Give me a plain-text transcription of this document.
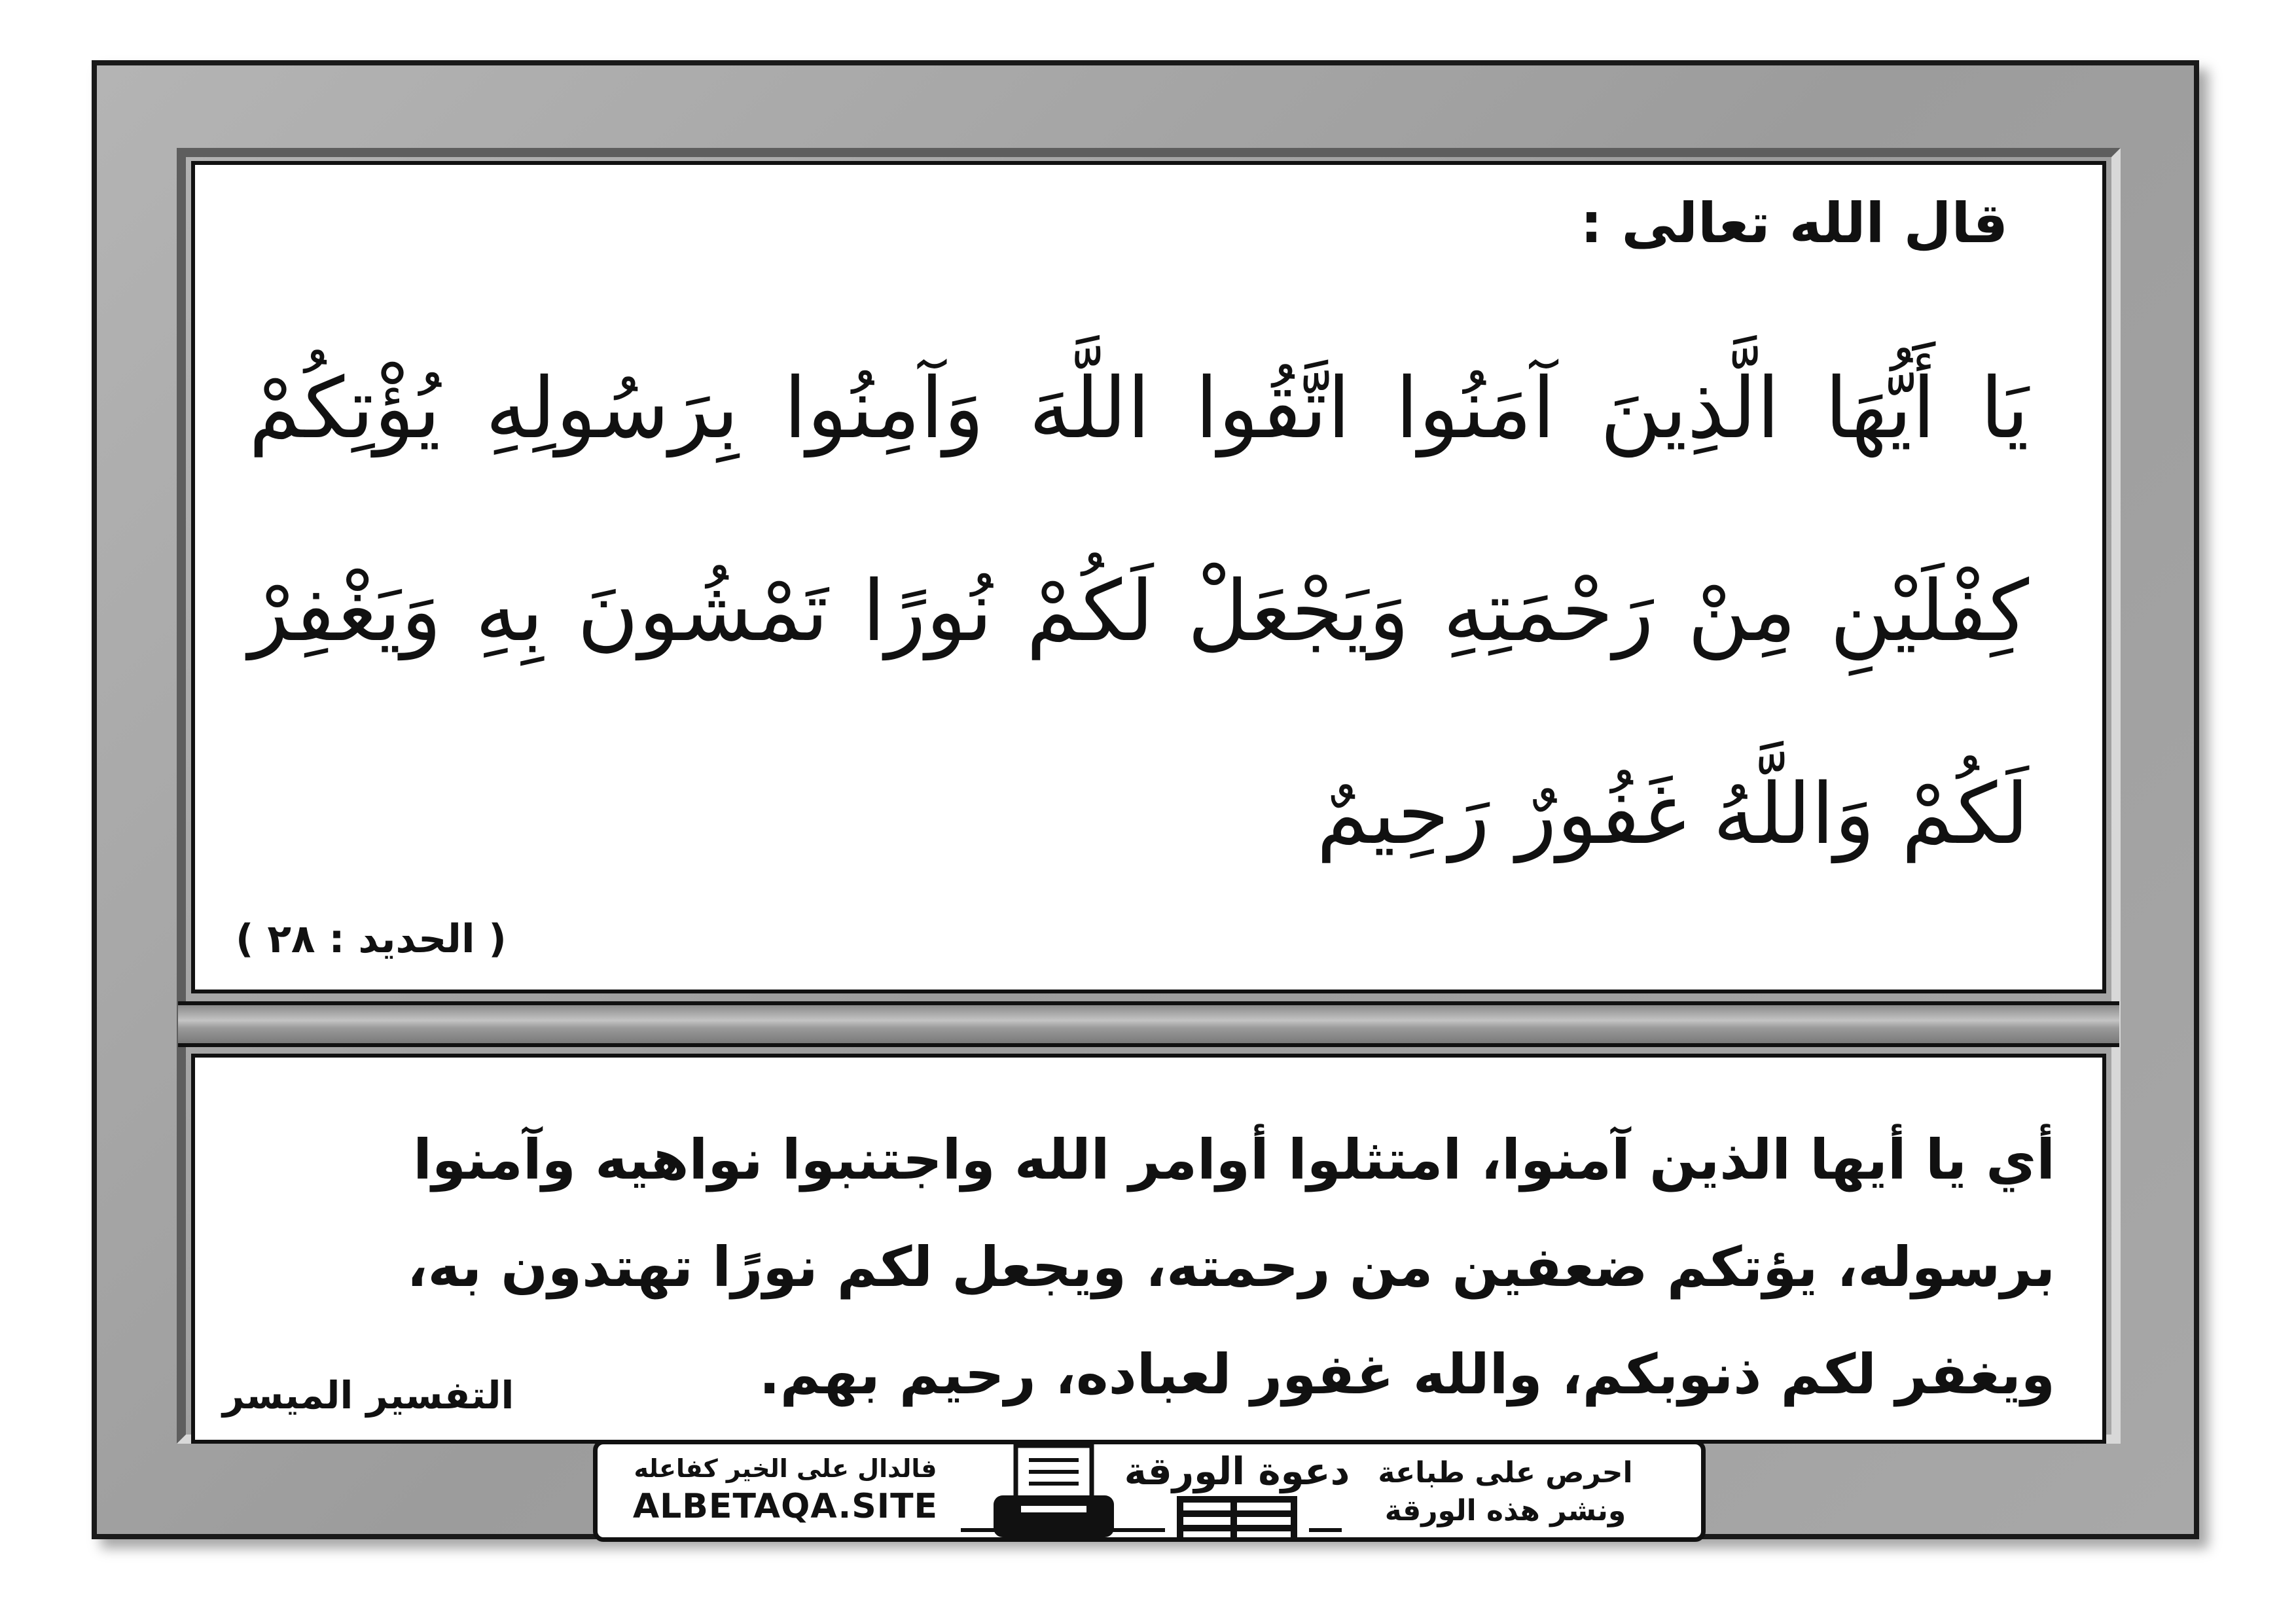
قال الله تعالى :
يَا أَيُّهَا الَّذِينَ آمَنُوا اتَّقُوا اللَّهَ وَآمِنُوا بِرَسُولِهِ يُؤْتِكُمْ كِفْلَيْنِ مِنْ رَحْمَتِهِ وَيَجْعَلْ لَكُمْ نُورًا تَمْشُونَ بِهِ وَيَغْفِرْ لَكُمْ وَاللَّهُ غَفُورٌ رَحِيمٌ
( الحديد : ٢٨ )
أي يا أيها الذين آمنوا، امتثلوا أوامر الله واجتنبوا نواهيه وآمنوا برسوله، يؤتكم ضعفين من رحمته، ويجعل لكم نورًا تهتدون به، ويغفر لكم ذنوبكم، والله غفور لعباده، رحيم بهم.
التفسير الميسر
فالدال على الخير كفاعله
ALBETAQA.SITE
دعوة الورقة احرص على طباعة
ونشر هذه الورقة
